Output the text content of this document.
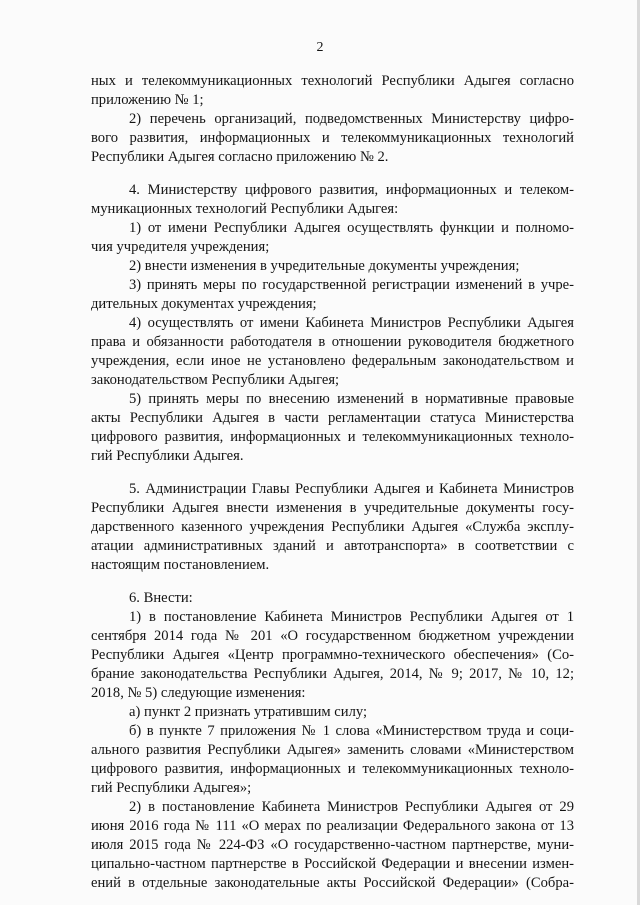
2
ных и телекоммуникационных технологий Республики Адыгея согласно
приложению № 1;
2) перечень организаций, подведомственных Министерству цифро-
вого развития, информационных и телекоммуникационных технологий
Республики Адыгея согласно приложению № 2.
4. Министерству цифрового развития, информационных и телеком-
муникационных технологий Республики Адыгея:
1) от имени Республики Адыгея осуществлять функции и полномо-
чия учредителя учреждения;
2) внести изменения в учредительные документы учреждения;
3) принять меры по государственной регистрации изменений в учре-
дительных документах учреждения;
4) осуществлять от имени Кабинета Министров Республики Адыгея
права и обязанности работодателя в отношении руководителя бюджетного
учреждения, если иное не установлено федеральным законодательством и
законодательством Республики Адыгея;
5) принять меры по внесению изменений в нормативные правовые
акты Республики Адыгея в части регламентации статуса Министерства
цифрового развития, информационных и телекоммуникационных техноло-
гий Республики Адыгея.
5. Администрации Главы Республики Адыгея и Кабинета Министров
Республики Адыгея внести изменения в учредительные документы госу-
дарственного казенного учреждения Республики Адыгея «Служба эксплу-
атации административных зданий и автотранспорта» в соответствии с
настоящим постановлением.
6. Внести:
1) в постановление Кабинета Министров Республики Адыгея от 1
сентября 2014 года № 201 «О государственном бюджетном учреждении
Республики Адыгея «Центр программно-технического обеспечения» (Со-
брание законодательства Республики Адыгея, 2014, № 9; 2017, № 10, 12;
2018, № 5) следующие изменения:
а) пункт 2 признать утратившим силу;
б) в пункте 7 приложения № 1 слова «Министерством труда и соци-
ального развития Республики Адыгея» заменить словами «Министерством
цифрового развития, информационных и телекоммуникационных техноло-
гий Республики Адыгея»;
2) в постановление Кабинета Министров Республики Адыгея от 29
июня 2016 года № 111 «О мерах по реализации Федерального закона от 13
июля 2015 года № 224-ФЗ «О государственно-частном партнерстве, муни-
ципально-частном партнерстве в Российской Федерации и внесении измен-
ений в отдельные законодательные акты Российской Федерации» (Собра-
